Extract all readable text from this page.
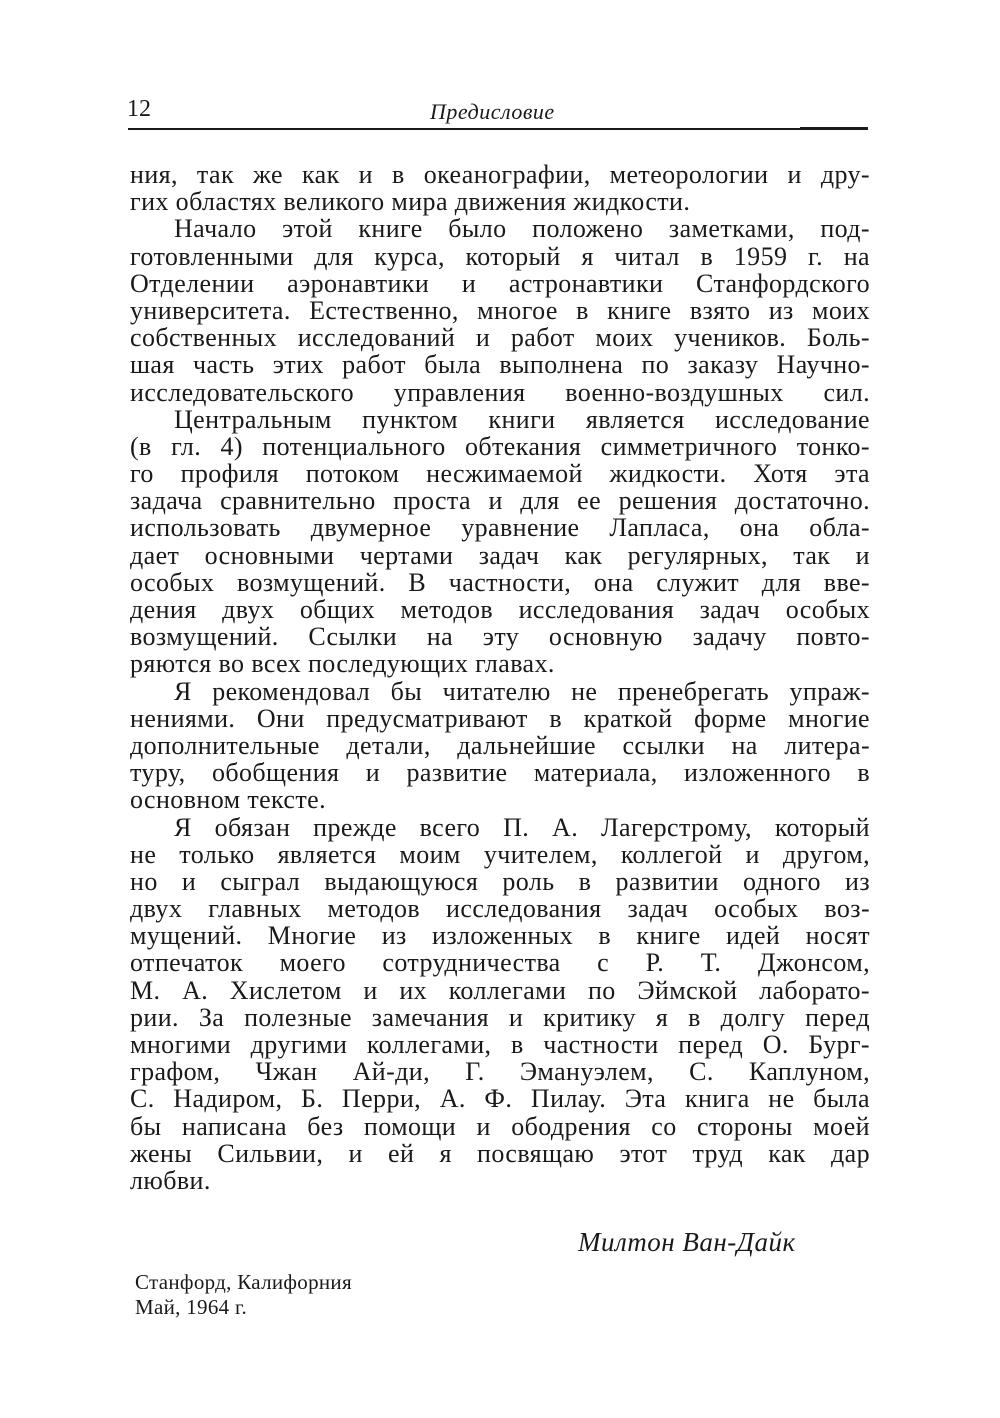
12	Предисловие
ния, так же как и в океанографии, метеорологии и дру-
гих областях великого мира движения жидкости.
Начало этой книге было положено заметками, под-
готовленными для курса, который я читал в 1959 г. на
Отделении аэронавтики и астронавтики Станфордского
университета. Естественно, многое в книге взято из моих
собственных исследований и работ моих учеников. Боль-
шая часть этих работ была выполнена по заказу Научно-
исследовательского управления военно-воздушных сил.
Центральным пунктом книги является исследование
(в гл. 4) потенциального обтекания симметричного тонко-
го профиля потоком несжимаемой жидкости. Хотя эта
задача сравнительно проста и для ее решения достаточно.
использовать двумерное уравнение Лапласа, она обла-
дает основными чертами задач как регулярных, так и
особых возмущений. В частности, она служит для вве-
дения двух общих методов исследования задач особых
возмущений. Ссылки на эту основную задачу повто-
ряются во всех последующих главах.
Я рекомендовал бы читателю не пренебрегать упраж-
нениями. Они предусматривают в краткой форме многие
дополнительные детали, дальнейшие ссылки на литера-
туру, обобщения и развитие материала, изложенного в
основном тексте.
Я обязан прежде всего П. А. Лагерстрому, который
не только является моим учителем, коллегой и другом,
но и сыграл выдающуюся роль в развитии одного из
двух главных методов исследования задач особых воз-
мущений. Многие из изложенных в книге идей носят
отпечаток моего сотрудничества с Р. Т. Джонсом,
М. А. Хислетом и их коллегами по Эймской лаборато-
рии. За полезные замечания и критику я в долгу перед
многими другими коллегами, в частности перед О. Бург-
графом, Чжан Ай-ди, Г. Эмануэлем, С. Каплуном,
С. Надиром, Б. Перри, А. Ф. Пилау. Эта книга не была
бы написана без помощи и ободрения со стороны моей
жены Сильвии, и ей я посвящаю этот труд как дар
любви.
Милтон Ван-Дайк
Станфорд, Калифорния
Май, 1964 г.
